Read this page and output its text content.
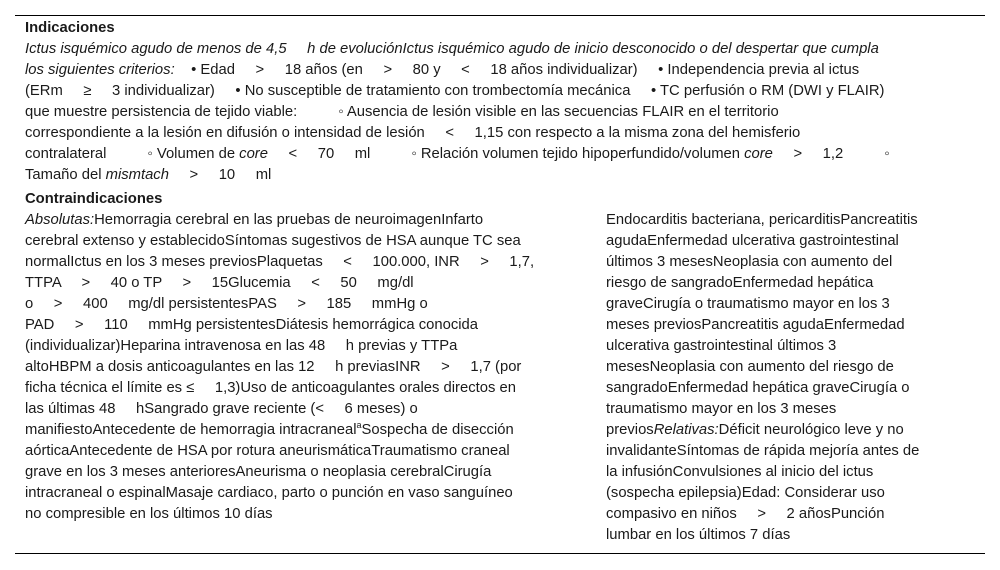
Indicaciones
Ictus isquémico agudo de menos de 4,5     h de evoluciónIctus isquémico agudo de inicio desconocido o del despertar que cumpla
los siguientes criterios:    • Edad     >     18 años (en     >     80 y     <     18 años individualizar)     • Independencia previa al ictus
(ERm     ≥     3 individualizar)     • No susceptible de tratamiento con trombectomía mecánica     • TC perfusión o RM (DWI y FLAIR)
que muestre persistencia de tejido viable:          ◦ Ausencia de lesión visible en las secuencias FLAIR en el territorio
correspondiente a la lesión en difusión o intensidad de lesión     <     1,15 con respecto a la misma zona del hemisferio
contralateral          ◦ Volumen de core     <     70     ml          ◦ Relación volumen tejido hipoperfundido/volumen core     >     1,2          ◦
Tamaño del mismtach     >     10     ml
Contraindicaciones
Absolutas:Hemorragia cerebral en las pruebas de neuroimagenInfarto
cerebral extenso y establecidoSíntomas sugestivos de HSA aunque TC sea
normalIctus en los 3 meses previosPlaquetas     <     100.000, INR     >     1,7,
TTPA     >     40 o TP     >     15Glucemia     <     50     mg/dl
o     >     400     mg/dl persistentesPAS     >     185     mmHg o
PAD     >     110     mmHg persistentesDiátesis hemorrágica conocida
(individualizar)Heparina intravenosa en las 48     h previas y TTPa
altoHBPM a dosis anticoagulantes en las 12     h previasINR     >     1,7 (por
ficha técnica el límite es ≤     1,3)Uso de anticoagulantes orales directos en
las últimas 48     hSangrado grave reciente (<     6 meses) o
manifiestoAntecedente de hemorragia intracraneal$^a$Sospecha de disección
aórticaAntecedente de HSA por rotura aneurismáticaTraumatismo craneal
grave en los 3 meses anterioresAneurisma o neoplasia cerebralCirugía
intracraneal o espinalMasaje cardiaco, parto o punción en vaso sanguíneo
no compresible en los últimos 10 días
Endocarditis bacteriana, pericarditisPancreatitis
agudaEnfermedad ulcerativa gastrointestinal
últimos 3 mesesNeoplasia con aumento del
riesgo de sangradoEnfermedad hepática
graveCirugía o traumatismo mayor en los 3
meses previosPancreatitis agudaEnfermedad
ulcerativa gastrointestinal últimos 3
mesesNeoplasia con aumento del riesgo de
sangradoEnfermedad hepática graveCirugía o
traumatismo mayor en los 3 meses
previosRelativas:Déficit neurológico leve y no
invalidanteSíntomas de rápida mejoría antes de
la infusiónConvulsiones al inicio del ictus
(sospecha epilepsia)Edad: Considerar uso
compasivo en niños     >     2 añosPunción
lumbar en los últimos 7 días
